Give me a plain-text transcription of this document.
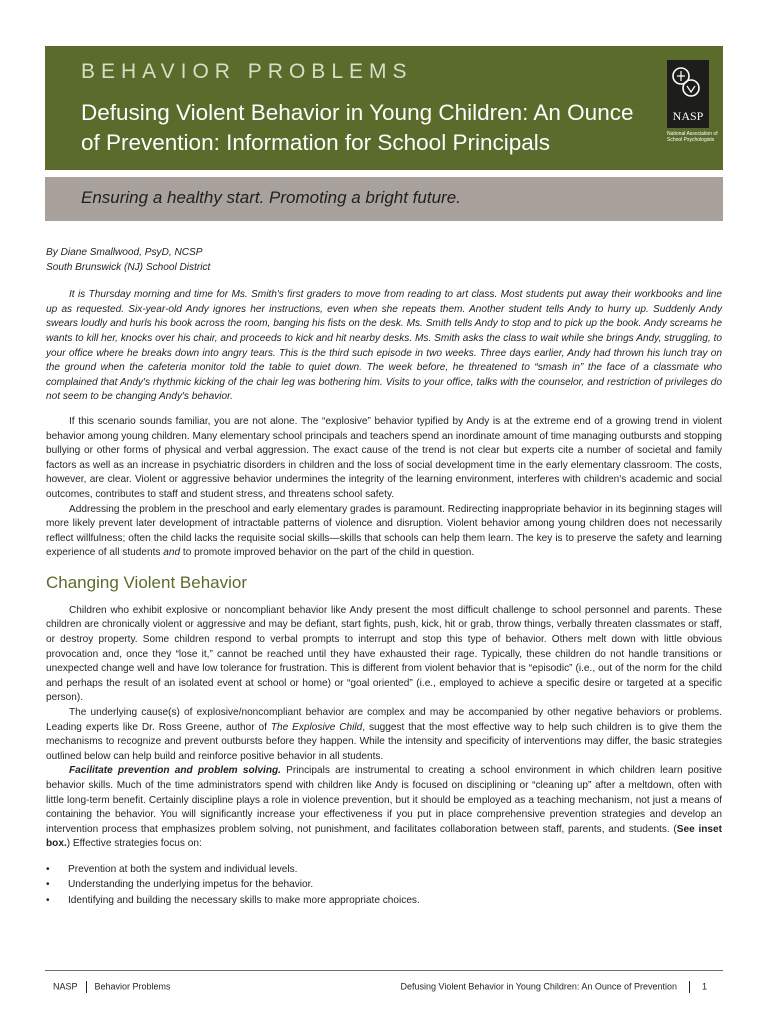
BEHAVIOR PROBLEMS
Defusing Violent Behavior in Young Children: An Ounce of Prevention: Information for School Principals
NASP
National Association of School Psychologists
Ensuring a healthy start. Promoting a bright future.
By Diane Smallwood, PsyD, NCSP
South Brunswick (NJ) School District

It is Thursday morning and time for Ms. Smith's first graders to move from reading to art class. Most students put away their workbooks and line up as requested. Six-year-old Andy ignores her instructions, even when she repeats them. Another student tells Andy to hurry up. Suddenly Andy swears loudly and hurls his book across the room, banging his fists on the desk. Ms. Smith tells Andy to stop and to pick up the book. Andy screams he wants to kill her, knocks over his chair, and proceeds to kick and hit nearby desks. Ms. Smith asks the class to wait while she brings Andy, struggling, to your office where he breaks down into angry tears. This is the third such episode in two weeks. Three days earlier, Andy had thrown his lunch tray on the ground when the cafeteria monitor told the table to quiet down. The week before, he threatened to “smash in” the face of a classmate who complained that Andy's rhythmic kicking of the chair leg was bothering him. Visits to your office, talks with the counselor, and restriction of privileges do not seem to be changing Andy's behavior.

If this scenario sounds familiar, you are not alone. The “explosive” behavior typified by Andy is at the extreme end of a growing trend in violent behavior among young children. Many elementary school principals and teachers spend an inordinate amount of time managing outbursts and stopping bullying or other forms of physical and verbal aggression. The exact cause of the trend is not clear but experts cite a number of societal and family factors as well as an increase in psychiatric disorders in children and the loss of social development time in the early elementary classroom. The costs, however, are clear. Violent or aggressive behavior undermines the integrity of the learning environment, interferes with children's academic and social outcomes, contributes to staff and student stress, and threatens school safety.

Addressing the problem in the preschool and early elementary grades is paramount. Redirecting inappropriate behavior in its beginning stages will more likely prevent later development of intractable patterns of violence and disruption. Violent behavior among young children does not necessarily reflect willfulness; often the child lacks the requisite social skills—skills that schools can help them learn. The key is to preserve the safety and learning experience of all students and to promote improved behavior on the part of the child in question.

Changing Violent Behavior

Children who exhibit explosive or noncompliant behavior like Andy present the most difficult challenge to school personnel and parents. These children are chronically violent or aggressive and may be defiant, start fights, push, kick, hit or grab, throw things, verbally threaten classmates or staff, or destroy property. Some children respond to verbal prompts to interrupt and stop this type of behavior. Others melt down with little obvious provocation and, once they “lose it,” cannot be reached until they have exhausted their rage. Typically, these children do not handle transitions or unexpected change well and have low tolerance for frustration. This is different from violent behavior that is “episodic” (i.e., out of the norm for the child and perhaps the result of an isolated event at school or home) or “goal oriented” (i.e., employed to achieve a specific desire or targeted at a specific person).

The underlying cause(s) of explosive/noncompliant behavior are complex and may be accompanied by other negative behaviors or problems. Leading experts like Dr. Ross Greene, author of The Explosive Child, suggest that the most effective way to help such children is to give them the mechanisms to recognize and prevent outbursts before they happen. While the intensity and specificity of interventions may differ, the basic strategies outlined below can help build and reinforce positive behavior in all students.

Facilitate prevention and problem solving. Principals are instrumental to creating a school environment in which children learn positive behavior skills. Much of the time administrators spend with children like Andy is focused on disciplining or “cleaning up” after a meltdown, often with little long-term benefit. Certainly discipline plays a role in violence prevention, but it should be employed as a teaching mechanism, not just a means of containing the behavior. You will significantly increase your effectiveness if you put in place comprehensive prevention strategies and develop an intervention process that emphasizes problem solving, not punishment, and facilitates collaboration between staff, parents, and students. (See inset box.) Effective strategies focus on:

• Prevention at both the system and individual levels.
• Understanding the underlying impetus for the behavior.
• Identifying and building the necessary skills to make more appropriate choices.
NASP Behavior Problems	Defusing Violent Behavior in Young Children: An Ounce of Prevention	1
